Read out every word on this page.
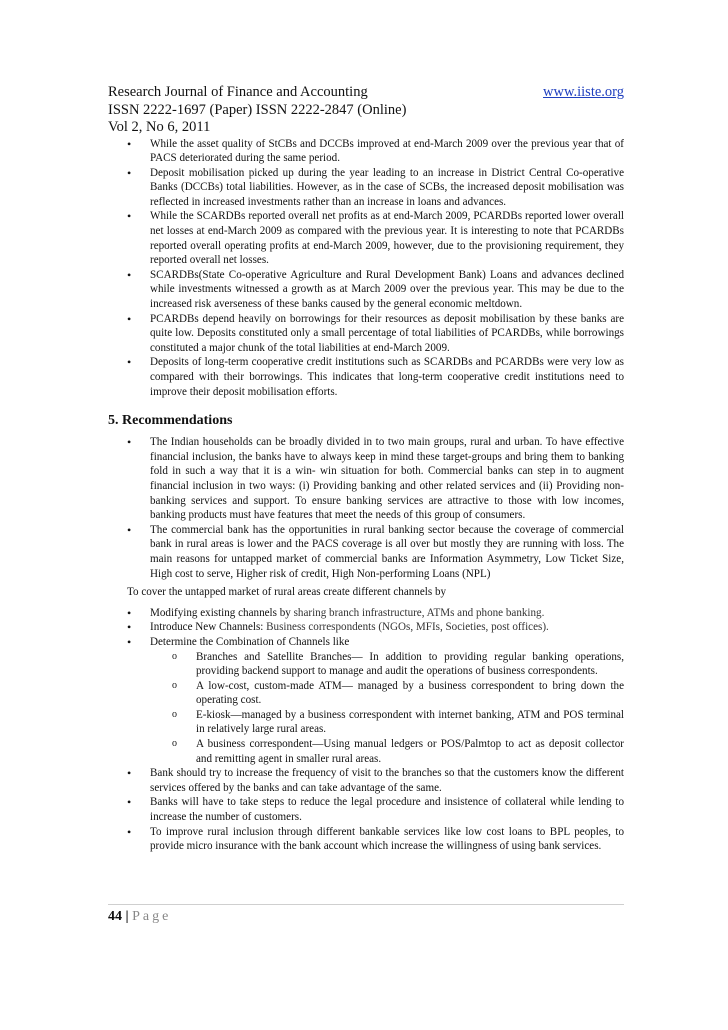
Research Journal of Finance and Accounting	www.iiste.org
ISSN 2222-1697 (Paper) ISSN 2222-2847 (Online)
Vol 2, No 6, 2011
• While the asset quality of StCBs and DCCBs improved at end-March 2009 over the previous year that of PACS deteriorated during the same period.
• Deposit mobilisation picked up during the year leading to an increase in District Central Co-operative Banks (DCCBs) total liabilities. However, as in the case of SCBs, the increased deposit mobilisation was reflected in increased investments rather than an increase in loans and advances.
• While the SCARDBs reported overall net profits as at end-March 2009, PCARDBs reported lower overall net losses at end-March 2009 as compared with the previous year. It is interesting to note that PCARDBs reported overall operating profits at end-March 2009, however, due to the provisioning requirement, they reported overall net losses.
• SCARDBs(State Co-operative Agriculture and Rural Development Bank) Loans and advances declined while investments witnessed a growth as at March 2009 over the previous year. This may be due to the increased risk averseness of these banks caused by the general economic meltdown.
• PCARDBs depend heavily on borrowings for their resources as deposit mobilisation by these banks are quite low. Deposits constituted only a small percentage of total liabilities of PCARDBs, while borrowings constituted a major chunk of the total liabilities at end-March 2009.
• Deposits of long-term cooperative credit institutions such as SCARDBs and PCARDBs were very low as compared with their borrowings. This indicates that long-term cooperative credit institutions need to improve their deposit mobilisation efforts.
5. Recommendations
• The Indian households can be broadly divided in to two main groups, rural and urban. To have effective financial inclusion, the banks have to always keep in mind these target-groups and bring them to banking fold in such a way that it is a win- win situation for both. Commercial banks can step in to augment financial inclusion in two ways: (i) Providing banking and other related services and (ii) Providing non-banking services and support. To ensure banking services are attractive to those with low incomes, banking products must have features that meet the needs of this group of consumers.
• The commercial bank has the opportunities in rural banking sector because the coverage of commercial bank in rural areas is lower and the PACS coverage is all over but mostly they are running with loss. The main reasons for untapped market of commercial banks are Information Asymmetry, Low Ticket Size, High cost to serve, Higher risk of credit, High Non-performing Loans (NPL)
To cover the untapped market of rural areas create different channels by
• Modifying existing channels by sharing branch infrastructure, ATMs and phone banking.
• Introduce New Channels: Business correspondents (NGOs, MFIs, Societies, post offices).
• Determine the Combination of Channels like
o Branches and Satellite Branches— In addition to providing regular banking operations, providing backend support to manage and audit the operations of business correspondents.
o A low-cost, custom-made ATM— managed by a business correspondent to bring down the operating cost.
o E-kiosk—managed by a business correspondent with internet banking, ATM and POS terminal in relatively large rural areas.
o A business correspondent—Using manual ledgers or POS/Palmtop to act as deposit collector and remitting agent in smaller rural areas.
• Bank should try to increase the frequency of visit to the branches so that the customers know the different services offered by the banks and can take advantage of the same.
• Banks will have to take steps to reduce the legal procedure and insistence of collateral while lending to increase the number of customers.
• To improve rural inclusion through different bankable services like low cost loans to BPL peoples, to provide micro insurance with the bank account which increase the willingness of using bank services.
44 | Page
